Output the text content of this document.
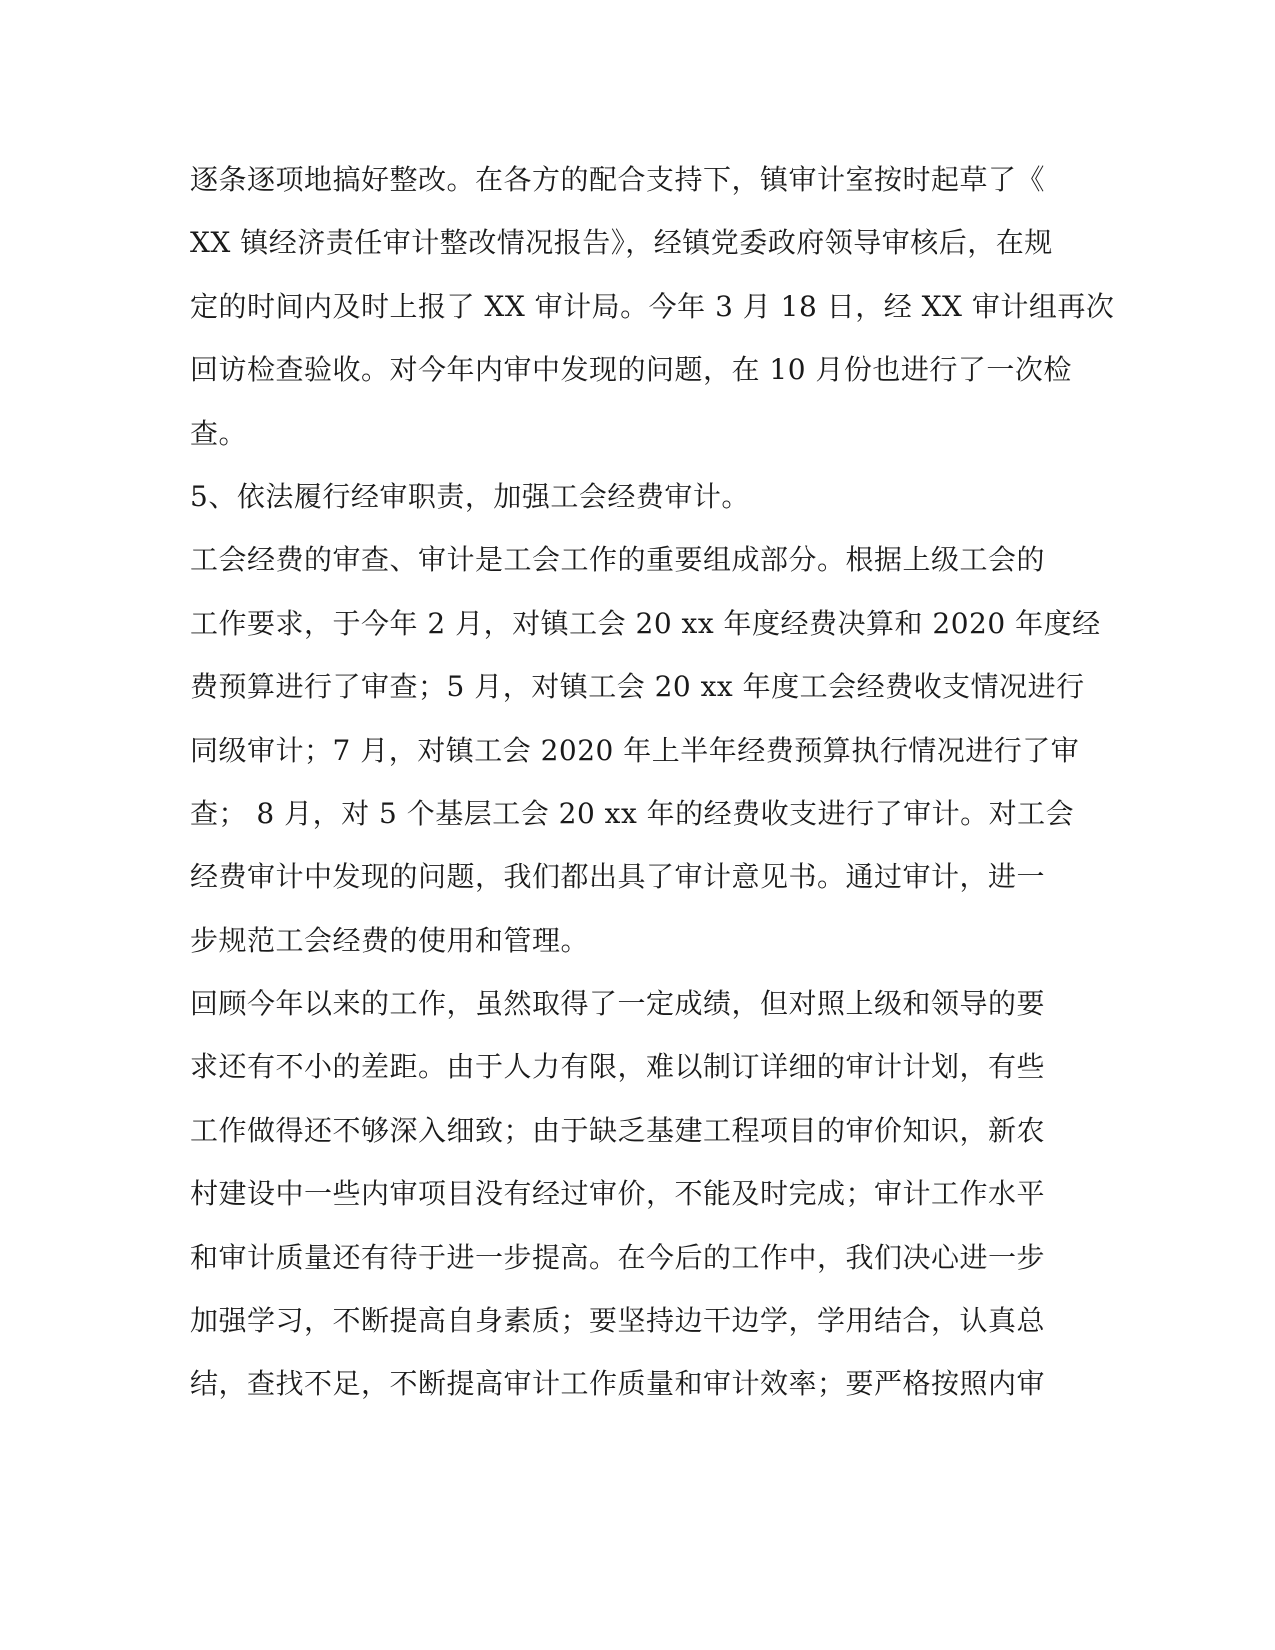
逐条逐项地搞好整改。在各方的配合支持下，镇审计室按时起草了《
XX 镇经济责任审计整改情况报告》，经镇党委政府领导审核后，在规
定的时间内及时上报了 XX 审计局。今年 3 月 18 日，经 XX 审计组再次
回访检查验收。对今年内审中发现的问题，在 10 月份也进行了一次检
查。
5、依法履行经审职责，加强工会经费审计。
工会经费的审查、审计是工会工作的重要组成部分。根据上级工会的
工作要求，于今年 2 月，对镇工会 20 xx 年度经费决算和 2020 年度经
费预算进行了审查；5 月，对镇工会 20 xx 年度工会经费收支情况进行
同级审计；7 月，对镇工会 2020 年上半年经费预算执行情况进行了审
查； 8 月，对 5 个基层工会 20 xx 年的经费收支进行了审计。对工会
经费审计中发现的问题，我们都出具了审计意见书。通过审计，进一
步规范工会经费的使用和管理。
回顾今年以来的工作，虽然取得了一定成绩，但对照上级和领导的要
求还有不小的差距。由于人力有限，难以制订详细的审计计划，有些
工作做得还不够深入细致；由于缺乏基建工程项目的审价知识，新农
村建设中一些内审项目没有经过审价，不能及时完成；审计工作水平
和审计质量还有待于进一步提高。在今后的工作中，我们决心进一步
加强学习，不断提高自身素质；要坚持边干边学，学用结合，认真总
结，查找不足，不断提高审计工作质量和审计效率；要严格按照内审
